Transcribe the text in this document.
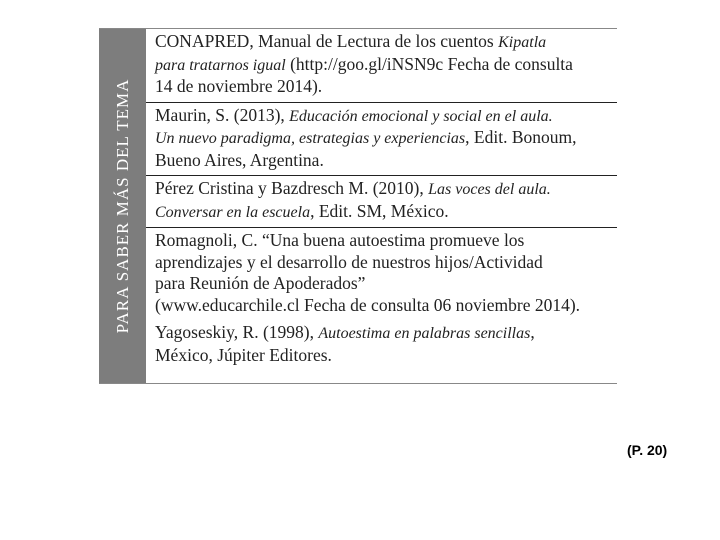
PARA SABER MÁS DEL TEMA
CONAPRED, Manual de Lectura de los cuentos Kipatla
para tratarnos igual (http://goo.gl/iNSN9c Fecha de consulta
14 de noviembre 2014).
Maurin, S. (2013), Educación emocional y social en el aula.
Un nuevo paradigma, estrategias y experiencias, Edit. Bonoum,
Bueno Aires, Argentina.
Pérez Cristina y Bazdresch M. (2010), Las voces del aula.
Conversar en la escuela, Edit. SM, México.
Romagnoli, C. “Una buena autoestima promueve los
aprendizajes y el desarrollo de nuestros hijos/Actividad
para Reunión de Apoderados”
(www.educarchile.cl Fecha de consulta 06 noviembre 2014).
Yagoseskiy, R. (1998), Autoestima en palabras sencillas,
México, Júpiter Editores.
(P. 20)
